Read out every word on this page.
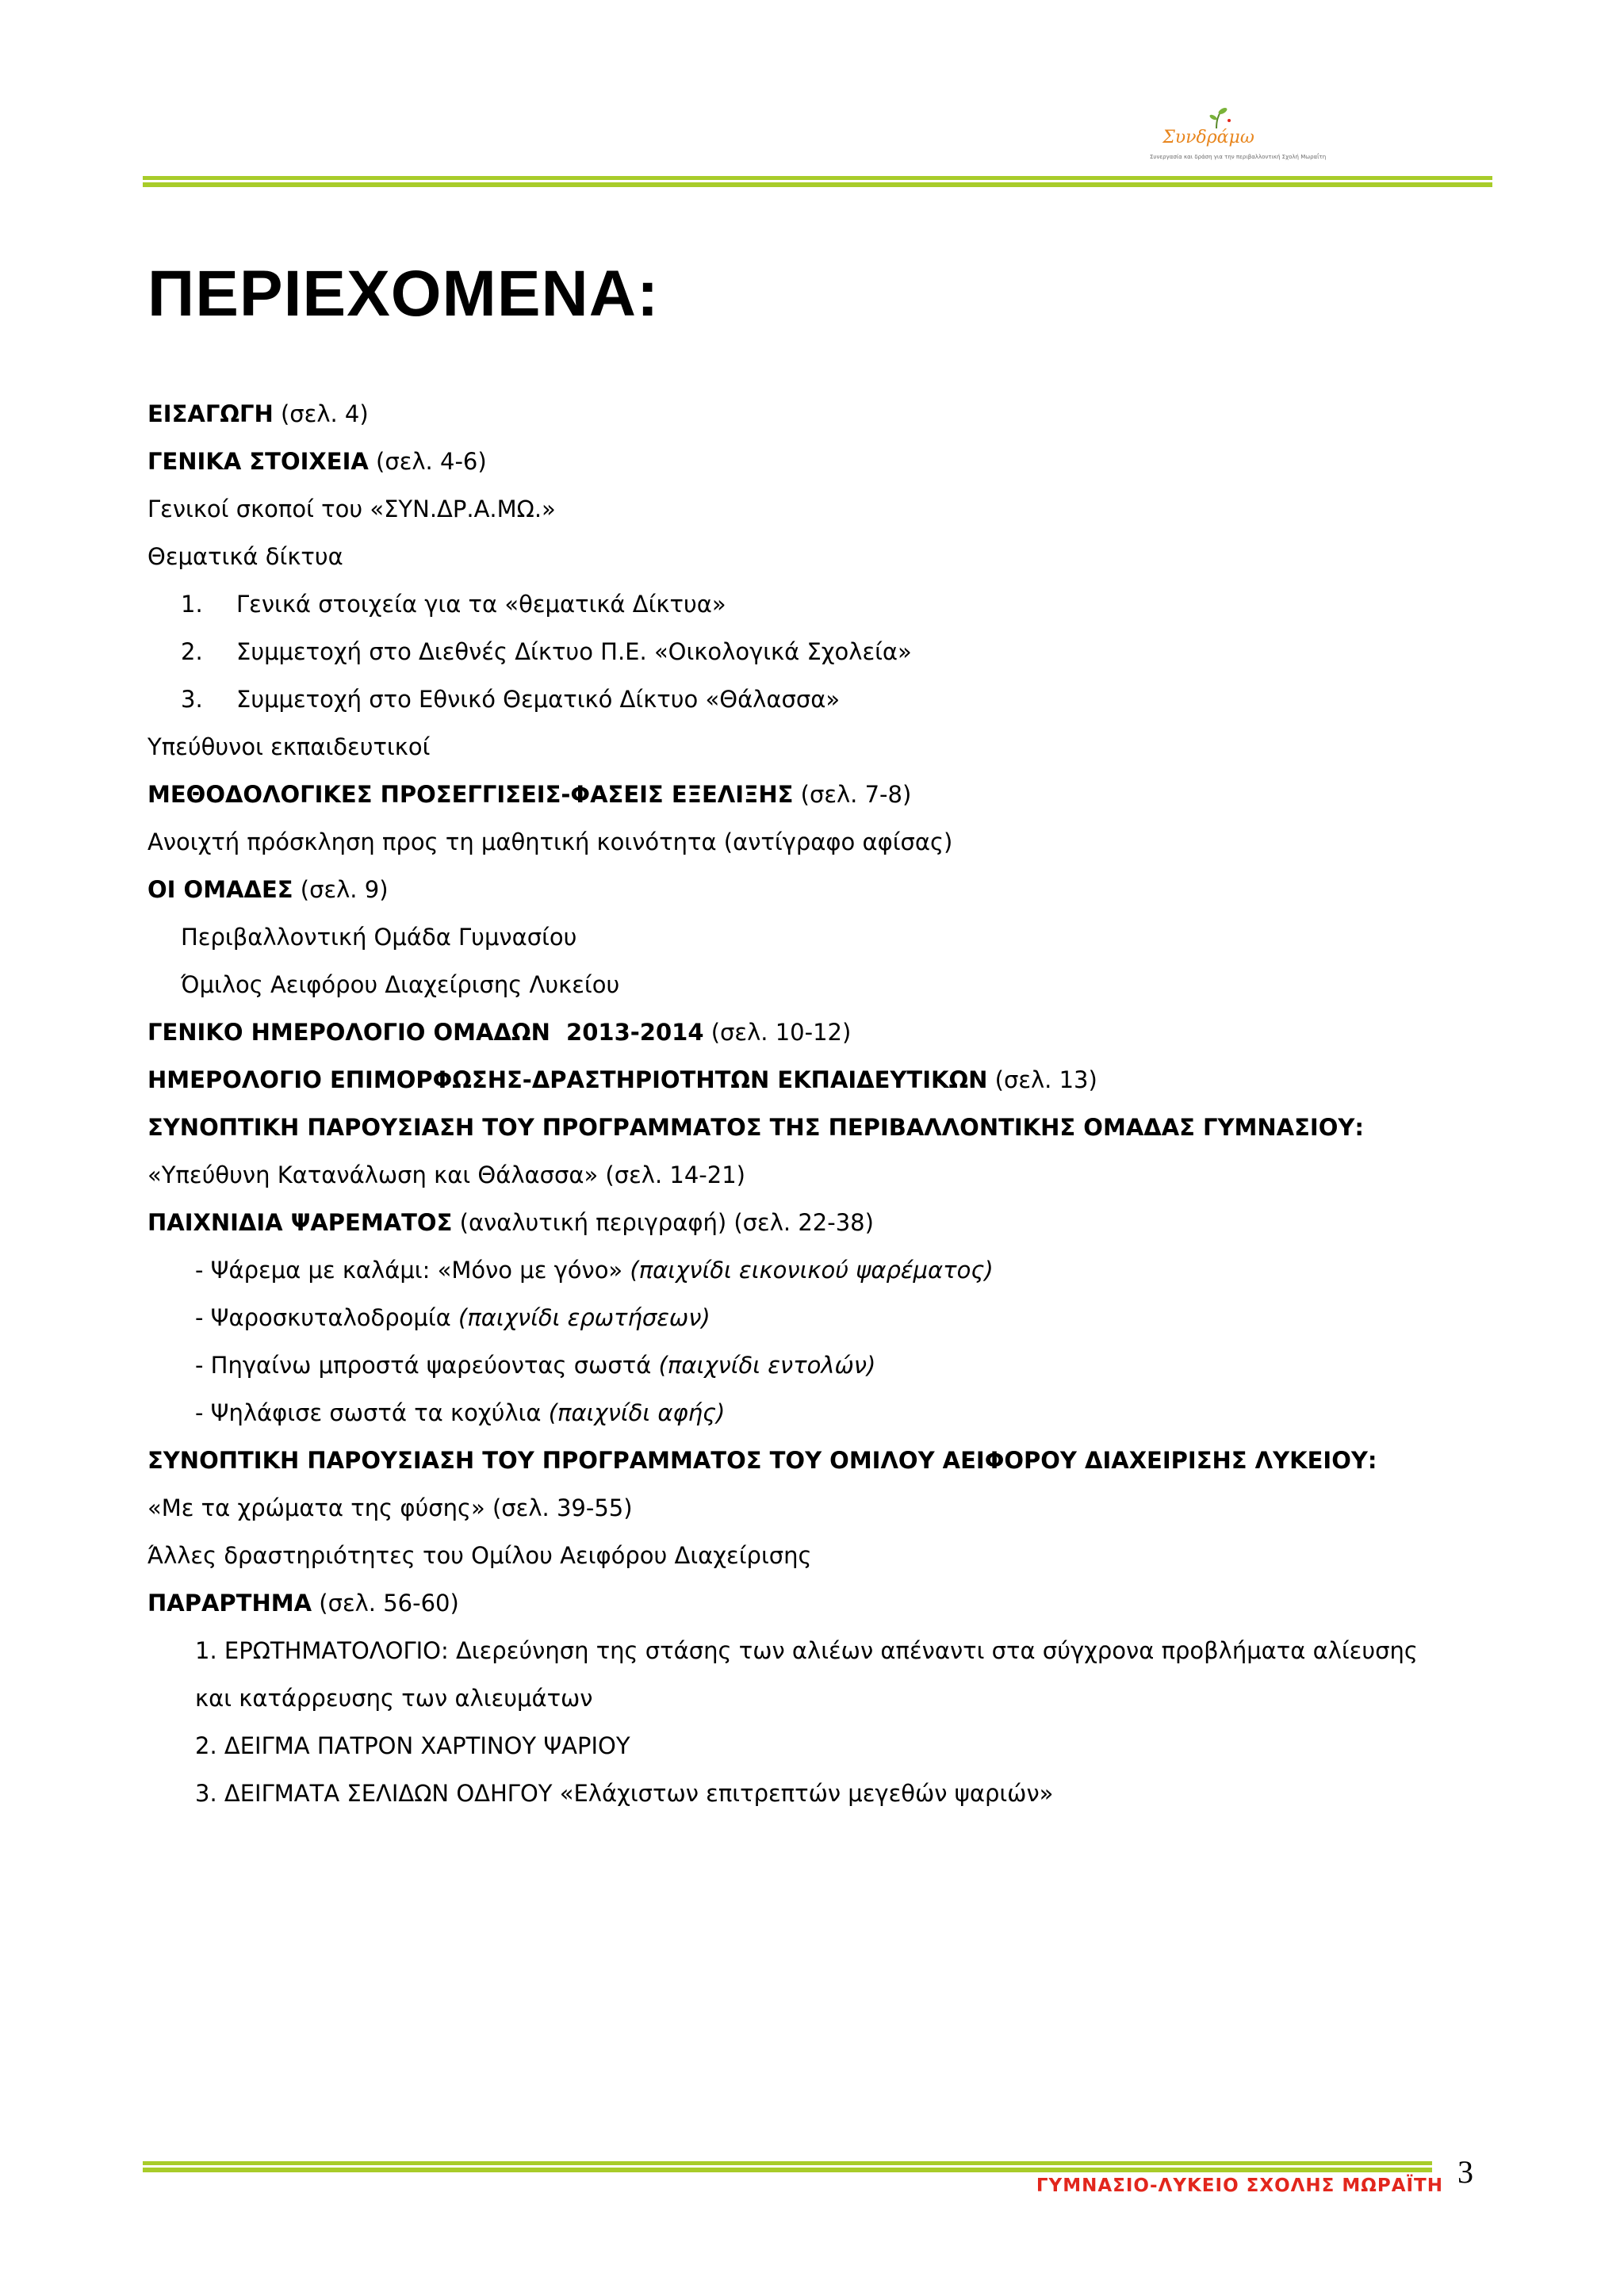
Συνδράμω
Συνεργασία και δράση για την περιβαλλοντική Σχολή Μωραΐτη
ΠΕΡΙΕΧΟΜΕΝΑ:
ΕΙΣΑΓΩΓΗ (σελ. 4)
ΓΕΝΙΚΑ ΣΤΟΙΧΕΙΑ (σελ. 4-6)
Γενικοί σκοποί του «ΣΥΝ.ΔΡ.Α.ΜΩ.»
Θεματικά δίκτυα
1. Γενικά στοιχεία για τα «θεματικά Δίκτυα»
2. Συμμετοχή στο Διεθνές Δίκτυο Π.Ε. «Οικολογικά Σχολεία»
3. Συμμετοχή στο Εθνικό Θεματικό Δίκτυο «Θάλασσα»
Υπεύθυνοι εκπαιδευτικοί
ΜΕΘΟΔΟΛΟΓΙΚΕΣ ΠΡΟΣΕΓΓΙΣΕΙΣ-ΦΑΣΕΙΣ ΕΞΕΛΙΞΗΣ (σελ. 7-8)
Ανοιχτή πρόσκληση προς τη μαθητική κοινότητα (αντίγραφο αφίσας)
ΟΙ ΟΜΑΔΕΣ (σελ. 9)
Περιβαλλοντική Ομάδα Γυμνασίου
Όμιλος Αειφόρου Διαχείρισης Λυκείου
ΓΕΝΙΚΟ ΗΜΕΡΟΛΟΓΙΟ ΟΜΑΔΩΝ  2013-2014 (σελ. 10-12)
ΗΜΕΡΟΛΟΓΙΟ ΕΠΙΜΟΡΦΩΣΗΣ-ΔΡΑΣΤΗΡΙΟΤΗΤΩΝ ΕΚΠΑΙΔΕΥΤΙΚΩΝ (σελ. 13)
ΣΥΝΟΠΤΙΚΗ ΠΑΡΟΥΣΙΑΣΗ ΤΟΥ ΠΡΟΓΡΑΜΜΑΤΟΣ ΤΗΣ ΠΕΡΙΒΑΛΛΟΝΤΙΚΗΣ ΟΜΑΔΑΣ ΓΥΜΝΑΣΙΟΥ:
«Υπεύθυνη Κατανάλωση και Θάλασσα» (σελ. 14-21)
ΠΑΙΧΝΙΔΙΑ ΨΑΡΕΜΑΤΟΣ (αναλυτική περιγραφή) (σελ. 22-38)
- Ψάρεμα με καλάμι: «Μόνο με γόνο» (παιχνίδι εικονικού ψαρέματος)
- Ψαροσκυταλοδρομία (παιχνίδι ερωτήσεων)
- Πηγαίνω μπροστά ψαρεύοντας σωστά (παιχνίδι εντολών)
- Ψηλάφισε σωστά τα κοχύλια (παιχνίδι αφής)
ΣΥΝΟΠΤΙΚΗ ΠΑΡΟΥΣΙΑΣΗ ΤΟΥ ΠΡΟΓΡΑΜΜΑΤΟΣ ΤΟΥ ΟΜΙΛΟΥ ΑΕΙΦΟΡΟΥ ΔΙΑΧΕΙΡΙΣΗΣ ΛΥΚΕΙΟΥ:
«Με τα χρώματα της φύσης» (σελ. 39-55)
Άλλες δραστηριότητες του Ομίλου Αειφόρου Διαχείρισης
ΠΑΡΑΡΤΗΜΑ (σελ. 56-60)
1. ΕΡΩΤΗΜΑΤΟΛΟΓΙΟ: Διερεύνηση της στάσης των αλιέων απέναντι στα σύγχρονα προβλήματα αλίευσης
και κατάρρευσης των αλιευμάτων
2. ΔΕΙΓΜΑ ΠΑΤΡΟΝ ΧΑΡΤΙΝΟΥ ΨΑΡΙΟΥ
3. ΔΕΙΓΜΑΤΑ ΣΕΛΙΔΩΝ ΟΔΗΓΟΥ «Ελάχιστων επιτρεπτών μεγεθών ψαριών»
ΓΥΜΝΑΣΙΟ-ΛΥΚΕΙΟ ΣΧΟΛΗΣ ΜΩΡΑΪΤΗ 3
